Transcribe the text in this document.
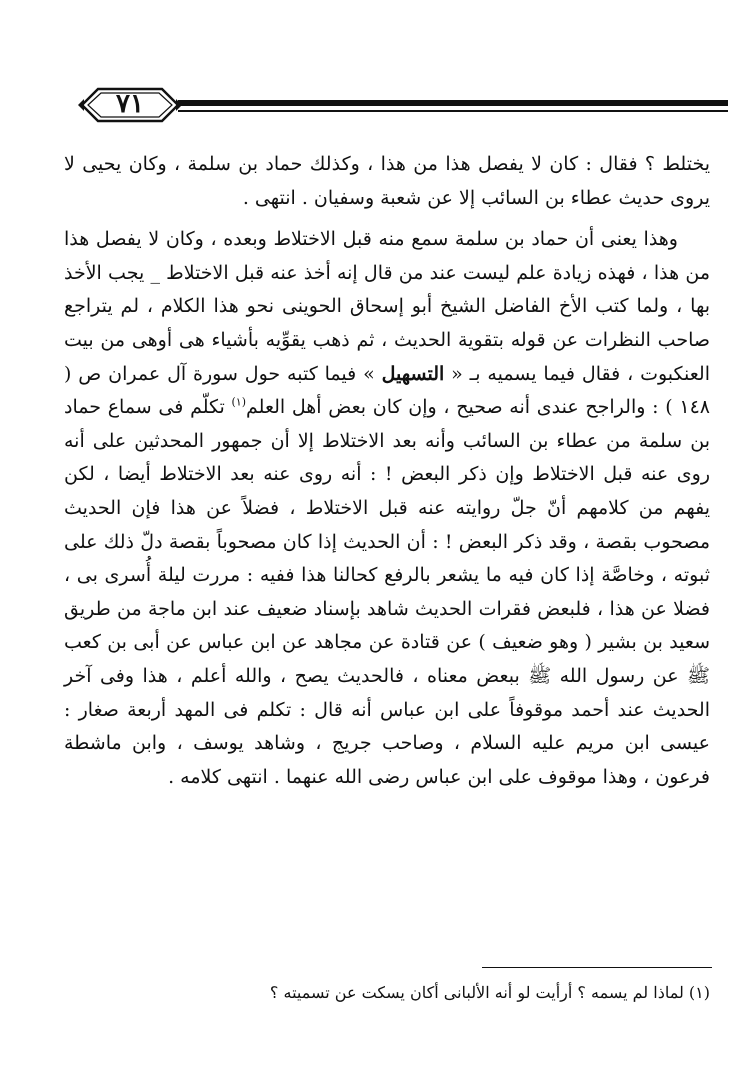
٧١

يختلط ؟ فقال : كان لا يفصل هذا من هذا ، وكذلك حماد بن سلمة ، وكان يحيى لا يروى حديث عطاء بن السائب إلا عن شعبة وسفيان . انتهى .

وهذا يعنى أن حماد بن سلمة سمع منه قبل الاختلاط وبعده ، وكان لا يفصل هذا من هذا ، فهذه زيادة علم ليست عند من قال إنه أخذ عنه قبل الاختلاط _ يجب الأخذ بها ، ولما كتب الأخ الفاضل الشيخ أبو إسحاق الحوينى نحو هذا الكلام ، لم يتراجع صاحب النظرات عن قوله بتقوية الحديث ، ثم ذهب يقوِّيه بأشياء هى أوهى من بيت العنكبوت ، فقال فيما يسميه بـ « التسهيل » فيما كتبه حول سورة آل عمران ص ( ١٤٨ ) : والراجح عندى أنه صحيح ، وإن كان بعض أهل العلم$^{(١)}$ تكلّم فى سماع حماد بن سلمة من عطاء بن السائب وأنه بعد الاختلاط إلا أن جمهور المحدثين على أنه روى عنه قبل الاختلاط وإن ذكر البعض ! : أنه روى عنه بعد الاختلاط أيضا ، لكن يفهم من كلامهم أنّ جلّ روايته عنه قبل الاختلاط ، فضلاً عن هذا فإن الحديث مصحوب بقصة ، وقد ذكر البعض ! : أن الحديث إذا كان مصحوباً بقصة دلّ ذلك على ثبوته ، وخاصَّة إذا كان فيه ما يشعر بالرفع كحالنا هذا ففيه : مررت ليلة أُسرى بى ، فضلا عن هذا ، فلبعض فقرات الحديث شاهد بإسناد ضعيف عند ابن ماجة من طريق سعيد بن بشير ( وهو ضعيف ) عن قتادة عن مجاهد عن ابن عباس عن أبى بن كعب ﷺ عن رسول الله ﷺ ببعض معناه ، فالحديث يصح ، والله أعلم ، هذا وفى آخر الحديث عند أحمد موقوفاً على ابن عباس أنه قال : تكلم فى المهد أربعة صغار : عيسى ابن مريم عليه السلام ، وصاحب جريج ، وشاهد يوسف ، وابن ماشطة فرعون ، وهذا موقوف على ابن عباس رضى الله عنهما . انتهى كلامه .

(١) لماذا لم يسمه ؟ أرأيت لو أنه الألبانى أكان يسكت عن تسميته ؟
